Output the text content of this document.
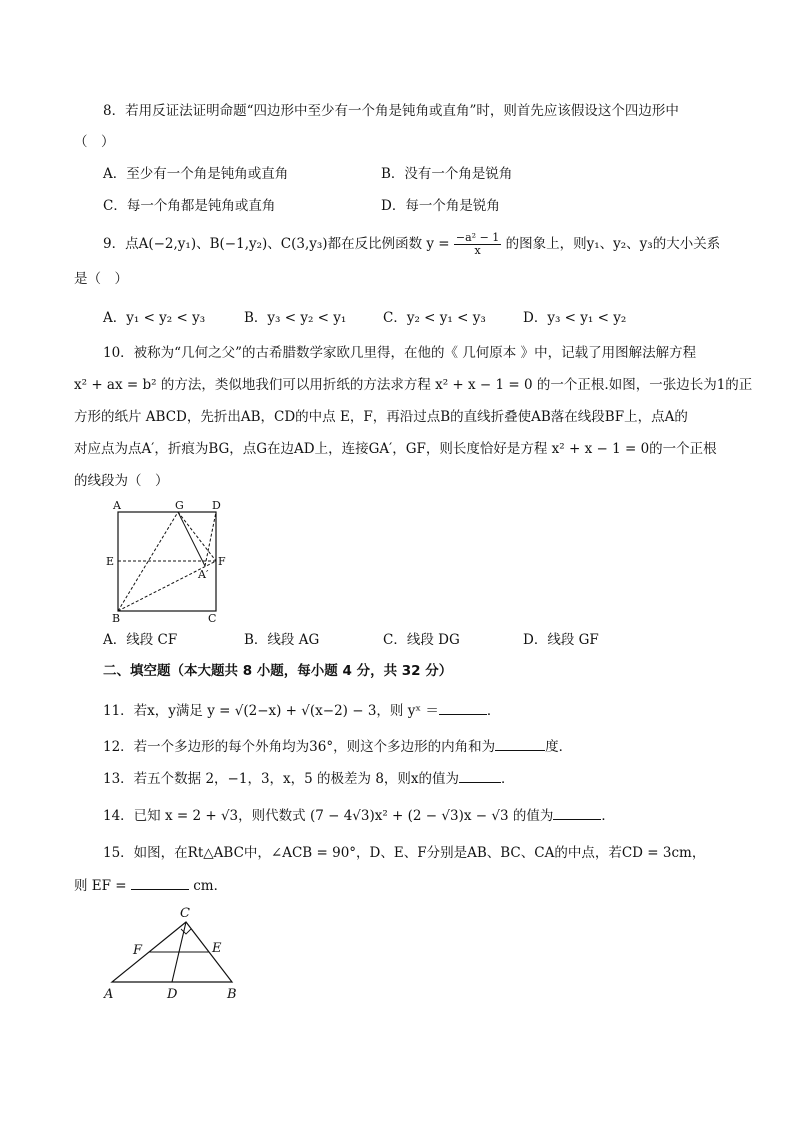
8．若用反证法证明命题“四边形中至少有一个角是钝角或直角”时，则首先应该假设这个四边形中
（　）
A．至少有一个角是钝角或直角	B．没有一个角是锐角
C．每一个角都是钝角或直角	D．每一个角是锐角
9．点A(−2,y₁)、B(−1,y₂)、C(3,y₃)都在反比例函数 $y = \frac{\text{−a² − 1}}{x}$ 的图象上，则y₁、y₂、y₃的大小关系
是（　）
A．y₁ < y₂ < y₃	B．y₃ < y₂ < y₁	C．y₂ < y₁ < y₃	D．y₃ < y₁ < y₂
10．被称为“几何之父”的古希腊数学家欧几里得，在他的《 几何原本 》中，记载了用图解法解方程
x² + ax = b² 的方法，类似地我们可以用折纸的方法求方程 x² + x − 1 = 0 的一个正根.如图，一张边长为1的正
方形的纸片 ABCD，先折出AB，CD的中点 E，F，再沿过点B的直线折叠使AB落在线段BF上，点A的
对应点为点A′，折痕为BG，点G在边AD上，连接GA′，GF，则长度恰好是方程 x² + x − 1 = 0的一个正根
的线段为（　）
A	G	D
E	F
A′
B	C
A．线段 CF	B．线段 AG	C．线段 DG	D．线段 GF
二、填空题（本大题共 8 小题，每小题 4 分，共 32 分）
11．若x，y满足 y = √(2−x) + √(x−2) − 3，则 yˣ ＝	．
12．若一个多边形的每个外角均为36°，则这个多边形的内角和为	度．
13．若五个数据 2，−1，3，x，5 的极差为 8，则x的值为	．
14．已知 x = 2 + √3，则代数式 (7 − 4√3)x² + (2 − √3)x − √3 的值为	．
15．如图，在Rt△ABC中，∠ACB = 90°，D、E、F分别是AB、BC、CA的中点，若CD = 3cm，
则 EF =	cm．
C
F	E
A	D	B
